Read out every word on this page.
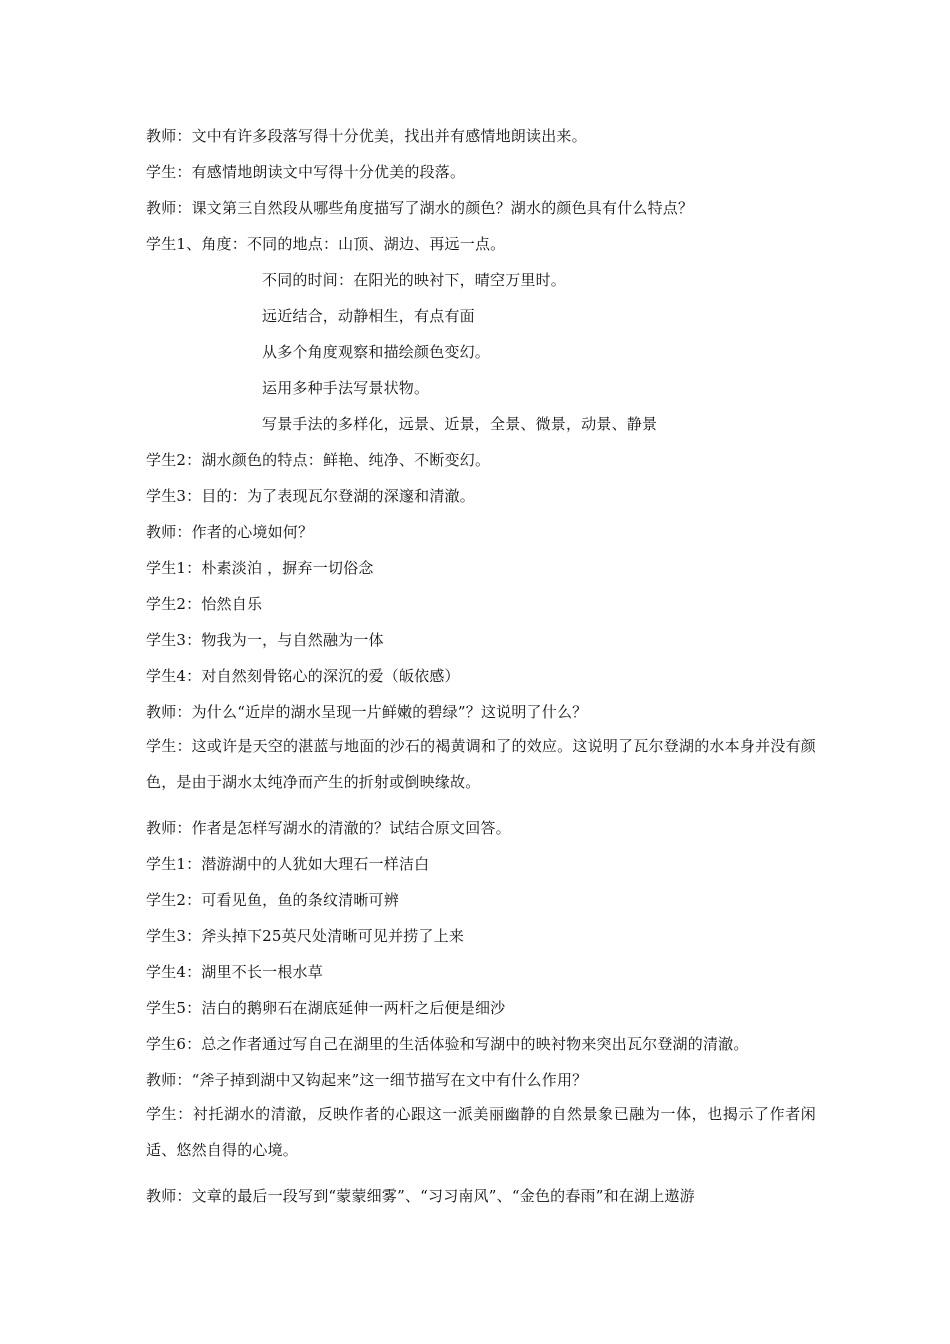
教师：文中有许多段落写得十分优美，找出并有感情地朗读出来。
学生：有感情地朗读文中写得十分优美的段落。
教师：课文第三自然段从哪些角度描写了湖水的颜色？湖水的颜色具有什么特点？
学生1、角度：不同的地点：山顶、湖边、再远一点。
不同的时间：在阳光的映衬下，晴空万里时。
远近结合，动静相生，有点有面
从多个角度观察和描绘颜色变幻。
运用多种手法写景状物。
写景手法的多样化，远景、近景，全景、微景，动景、静景
学生2：湖水颜色的特点：鲜艳、纯净、不断变幻。
学生3：目的：为了表现瓦尔登湖的深邃和清澈。
教师：作者的心境如何？
学生1：朴素淡泊 ，摒弃一切俗念
学生2：怡然自乐
学生3：物我为一，与自然融为一体
学生4：对自然刻骨铭心的深沉的爱（皈依感）
教师：为什么“近岸的湖水呈现一片鲜嫩的碧绿”？这说明了什么？
学生：这或许是天空的湛蓝与地面的沙石的褐黄调和了的效应。这说明了瓦尔登湖的水本身并没有颜色，是由于湖水太纯净而产生的折射或倒映缘故。
教师：作者是怎样写湖水的清澈的？试结合原文回答。
学生1：潜游湖中的人犹如大理石一样洁白
学生2：可看见鱼，鱼的条纹清晰可辨
学生3：斧头掉下25英尺处清晰可见并捞了上来
学生4：湖里不长一根水草
学生5：洁白的鹅卵石在湖底延伸一两杆之后便是细沙
学生6：总之作者通过写自己在湖里的生活体验和写湖中的映衬物来突出瓦尔登湖的清澈。
教师：“斧子掉到湖中又钩起来”这一细节描写在文中有什么作用？
学生：衬托湖水的清澈，反映作者的心跟这一派美丽幽静的自然景象已融为一体，也揭示了作者闲适、悠然自得的心境。
教师：文章的最后一段写到“蒙蒙细雾”、“习习南风”、“金色的春雨”和在湖上遨游
